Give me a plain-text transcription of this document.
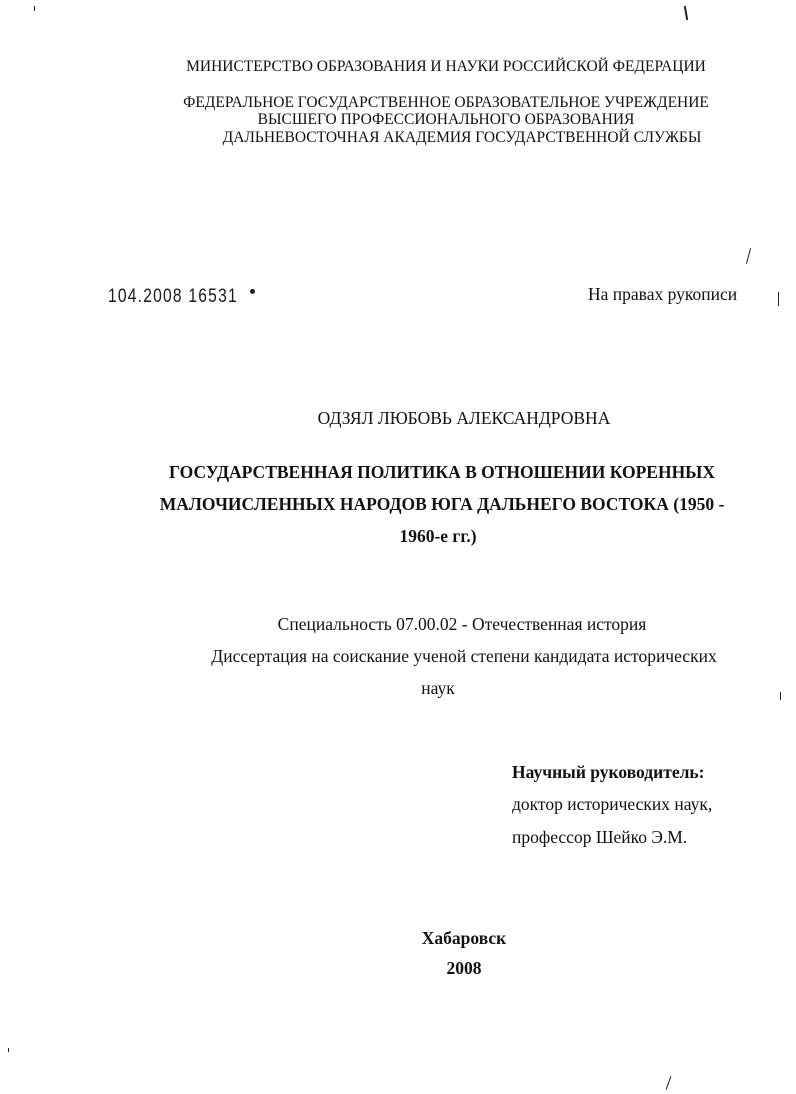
МИНИСТЕРСТВО ОБРАЗОВАНИЯ И НАУКИ РОССИЙСКОЙ ФЕДЕРАЦИИ
ФЕДЕРАЛЬНОЕ ГОСУДАРСТВЕННОЕ ОБРАЗОВАТЕЛЬНОЕ УЧРЕЖДЕНИЕ
ВЫСШЕГО ПРОФЕССИОНАЛЬНОГО ОБРАЗОВАНИЯ
ДАЛЬНЕВОСТОЧНАЯ АКАДЕМИЯ ГОСУДАРСТВЕННОЙ СЛУЖБЫ
104.2008 16531	На правах рукописи
ОДЗЯЛ ЛЮБОВЬ АЛЕКСАНДРОВНА
ГОСУДАРСТВЕННАЯ ПОЛИТИКА В ОТНОШЕНИИ КОРЕННЫХ
МАЛОЧИСЛЕННЫХ НАРОДОВ ЮГА ДАЛЬНЕГО ВОСТОКА (1950 -
1960-е гг.)
Специальность 07.00.02 - Отечественная история
Диссертация на соискание ученой степени кандидата исторических
наук
Научный руководитель:
доктор исторических наук,
профессор Шейко Э.М.
Хабаровск
2008
